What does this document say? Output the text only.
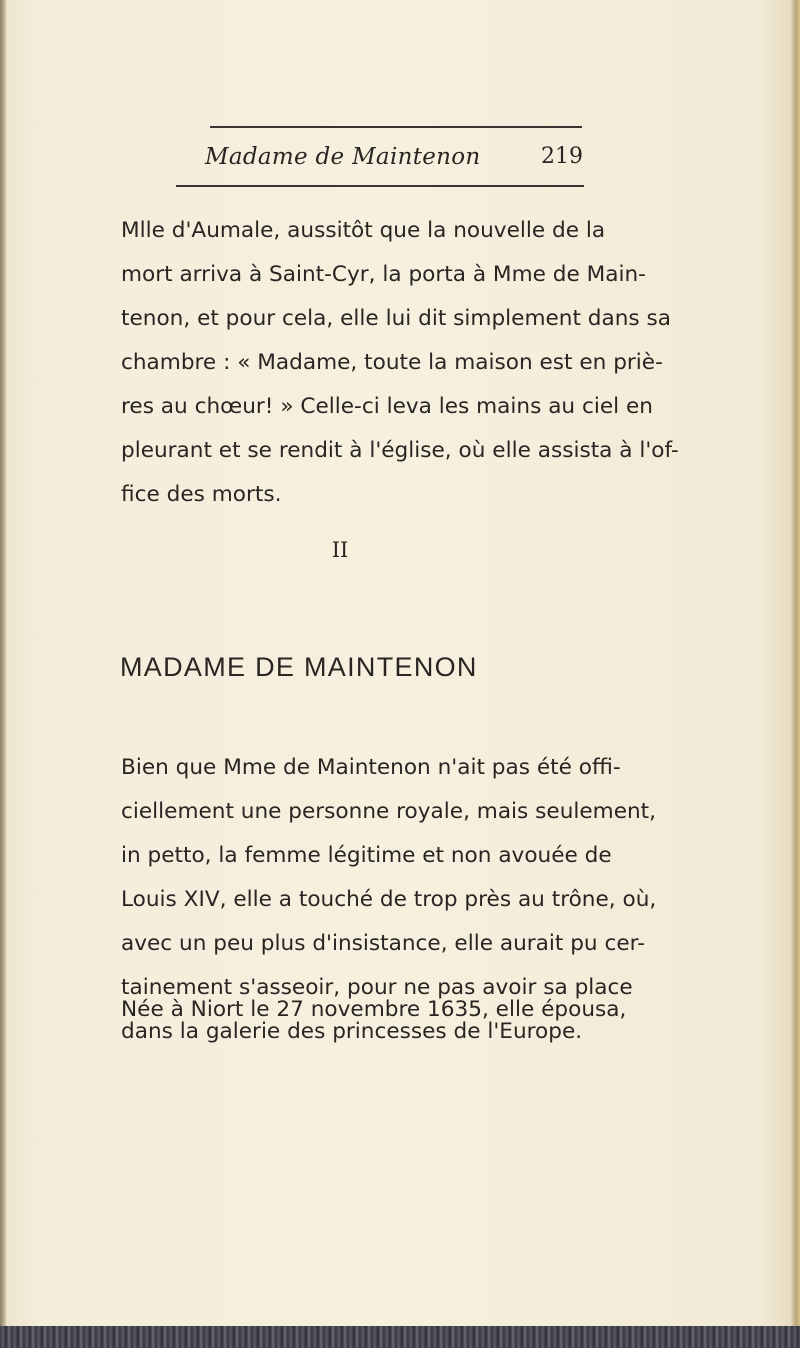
Madame de Maintenon	219
Mlle d'Aumale, aussitôt que la nouvelle de la
mort arriva à Saint-Cyr, la porta à Mme de Main-
tenon, et pour cela, elle lui dit simplement dans sa
chambre : « Madame, toute la maison est en priè-
res au chœur! » Celle-ci leva les mains au ciel en
pleurant et se rendit à l'église, où elle assista à l'of-
fice des morts.
II
MADAME DE MAINTENON
Bien que Mme de Maintenon n'ait pas été offi-
ciellement une personne royale, mais seulement,
in petto, la femme légitime et non avouée de
Louis XIV, elle a touché de trop près au trône, où,
avec un peu plus d'insistance, elle aurait pu cer-
tainement s'asseoir, pour ne pas avoir sa place
dans la galerie des princesses de l'Europe.
Née à Niort le 27 novembre 1635, elle épousa,
